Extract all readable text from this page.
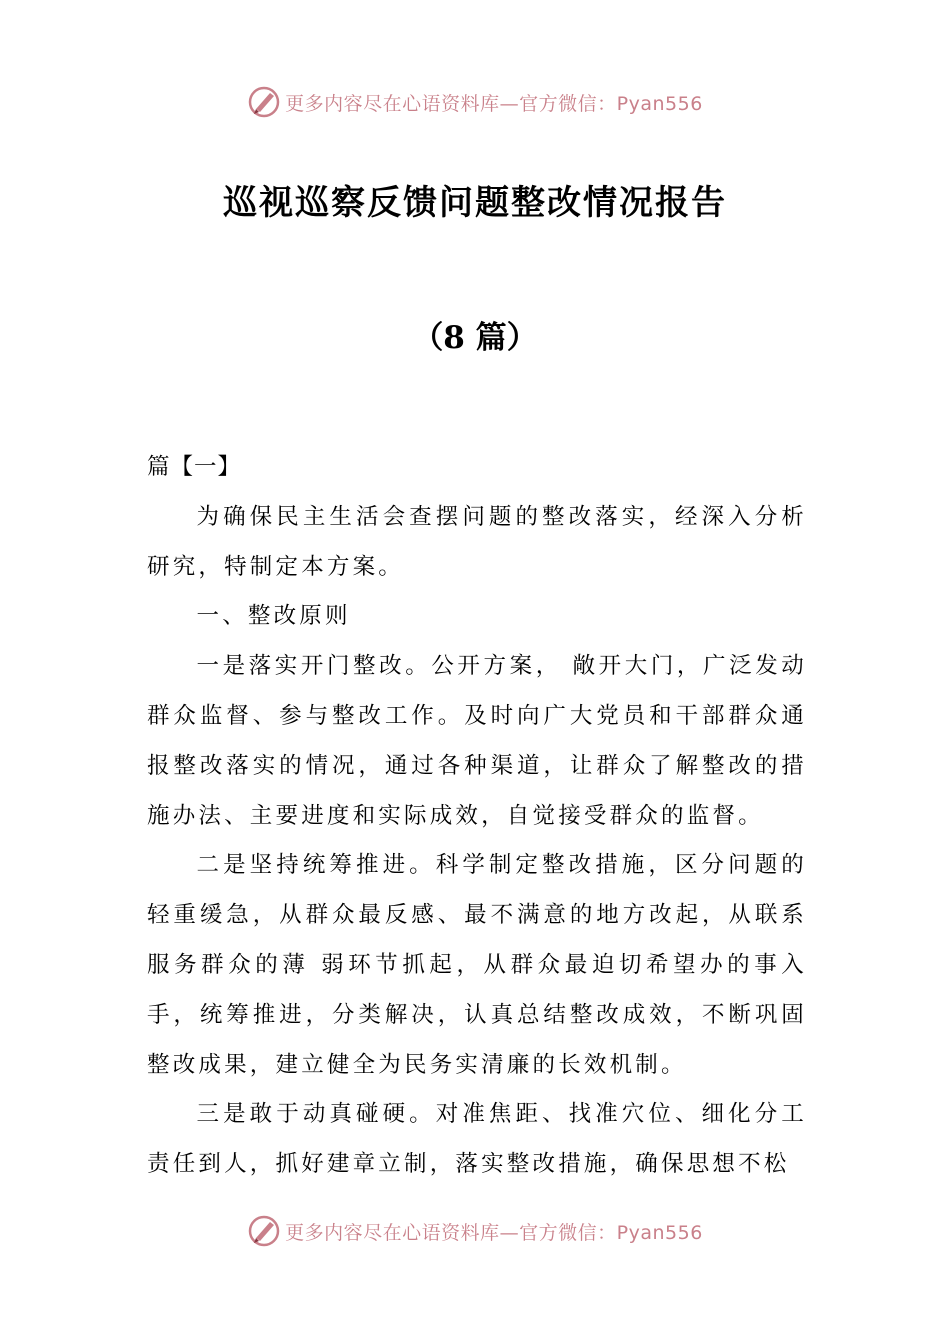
更多内容尽在心语资料库—官方微信：Pyan556
巡视巡察反馈问题整改情况报告
（8 篇）

篇【一】

为确保民主生活会查摆问题的整改落实，经深入分析研究，特制定本方案。

一、整改原则

一是落实开门整改。公开方案， 敞开大门，广泛发动群众监督、参与整改工作。及时向广大党员和干部群众通报整改落实的情况，通过各种渠道，让群众了解整改的措施办法、主要进度和实际成效，自觉接受群众的监督。

二是坚持统筹推进。科学制定整改措施，区分问题的轻重缓急，从群众最反感、最不满意的地方改起，从联系服务群众的薄 弱环节抓起，从群众最迫切希望办的事入手，统筹推进，分类解决，认真总结整改成效，不断巩固整改成果，建立健全为民务实清廉的长效机制。

三是敢于动真碰硬。对准焦距、找准穴位、细化分工责任到人，抓好建章立制，落实整改措施，确保思想不松

更多内容尽在心语资料库—官方微信：Pyan556
